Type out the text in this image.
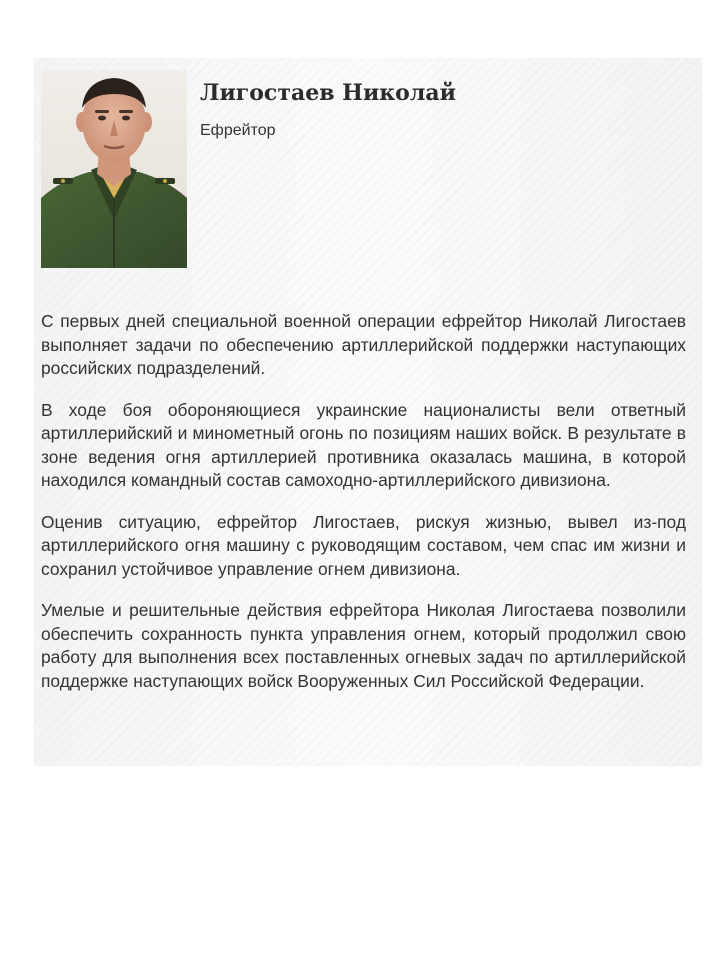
Лигостаев Николай
Ефрейтор

С первых дней специальной военной операции ефрейтор Николай Лигостаев выполняет задачи по обеспечению артиллерийской поддержки наступающих российских подразделений.

В ходе боя обороняющиеся украинские националисты вели ответный артиллерийский и минометный огонь по позициям наших войск. В результате в зоне ведения огня артиллерией противника оказалась машина, в которой находился командный состав самоходно-артиллерийского дивизиона.

Оценив ситуацию, ефрейтор Лигостаев, рискуя жизнью, вывел из-под артиллерийского огня машину с руководящим составом, чем спас им жизни и сохранил устойчивое управление огнем дивизиона.

Умелые и решительные действия ефрейтора Николая Лигостаева позволили обеспечить сохранность пункта управления огнем, который продолжил свою работу для выполнения всех поставленных огневых задач по артиллерийской поддержке наступающих войск Вооруженных Сил Российской Федерации.
